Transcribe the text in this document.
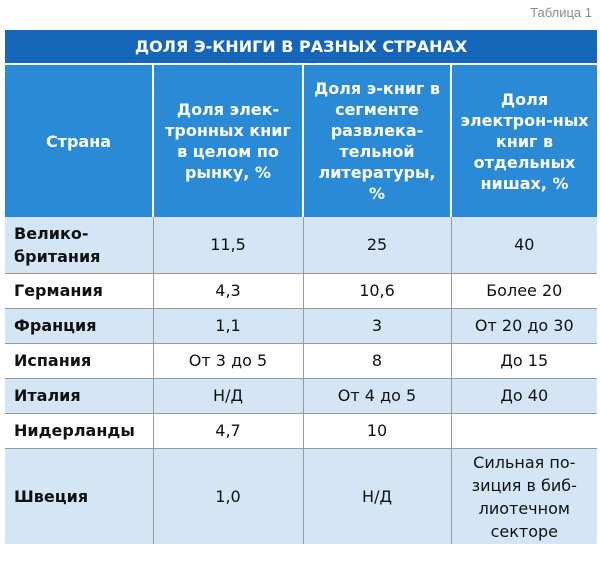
Таблица 1
ДОЛЯ Э-КНИГИ В РАЗНЫХ СТРАНАХ			
Страна	Доля элек-тронных книг в целом по рынку, %	Доля э-книг в сегменте развлека-тельной литературы, %	Доля электрон-ных книг в отдельных нишах, %
Велико-британия	11,5	25	40
Германия	4,3	10,6	Более 20
Франция	1,1	3	От 20 до 30
Испания	От 3 до 5	8	До 15
Италия	Н/Д	От 4 до 5	До 40
Нидерланды	4,7	10	
Швеция	1,0	Н/Д	Сильная по-зиция в биб-лиотечном секторе
